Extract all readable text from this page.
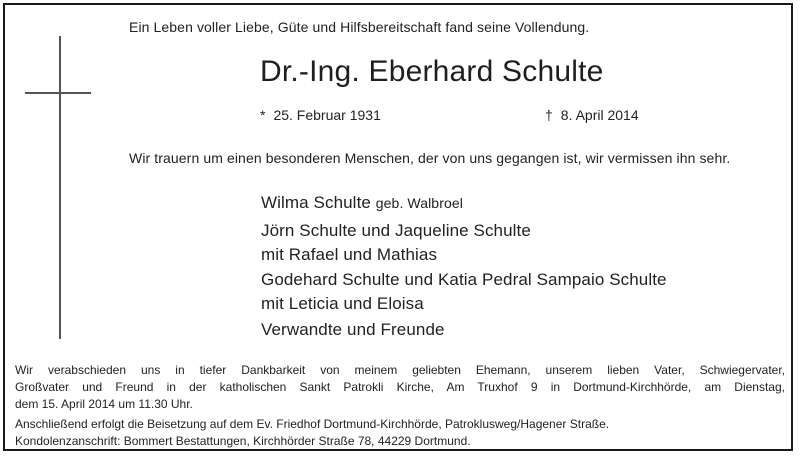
Ein Leben voller Liebe, Güte und Hilfsbereitschaft fand seine Vollendung.
Dr.-Ing. Eberhard Schulte
* 25. Februar 1931	† 8. April 2014
Wir trauern um einen besonderen Menschen, der von uns gegangen ist, wir vermissen ihn sehr.
Wilma Schulte geb. Walbroel
Jörn Schulte und Jaqueline Schulte
mit Rafael und Mathias
Godehard Schulte und Katia Pedral Sampaio Schulte
mit Leticia und Eloisa
Verwandte und Freunde
Wir verabschieden uns in tiefer Dankbarkeit von meinem geliebten Ehemann, unserem lieben Vater, Schwiegervater,
Großvater und Freund in der katholischen Sankt Patrokli Kirche, Am Truxhof 9 in Dortmund-Kirchhörde, am Dienstag,
dem 15. April 2014 um 11.30 Uhr.
Anschließend erfolgt die Beisetzung auf dem Ev. Friedhof Dortmund-Kirchhörde, Patroklusweg/Hagener Straße.
Kondolenzanschrift: Bommert Bestattungen, Kirchhörder Straße 78, 44229 Dortmund.
